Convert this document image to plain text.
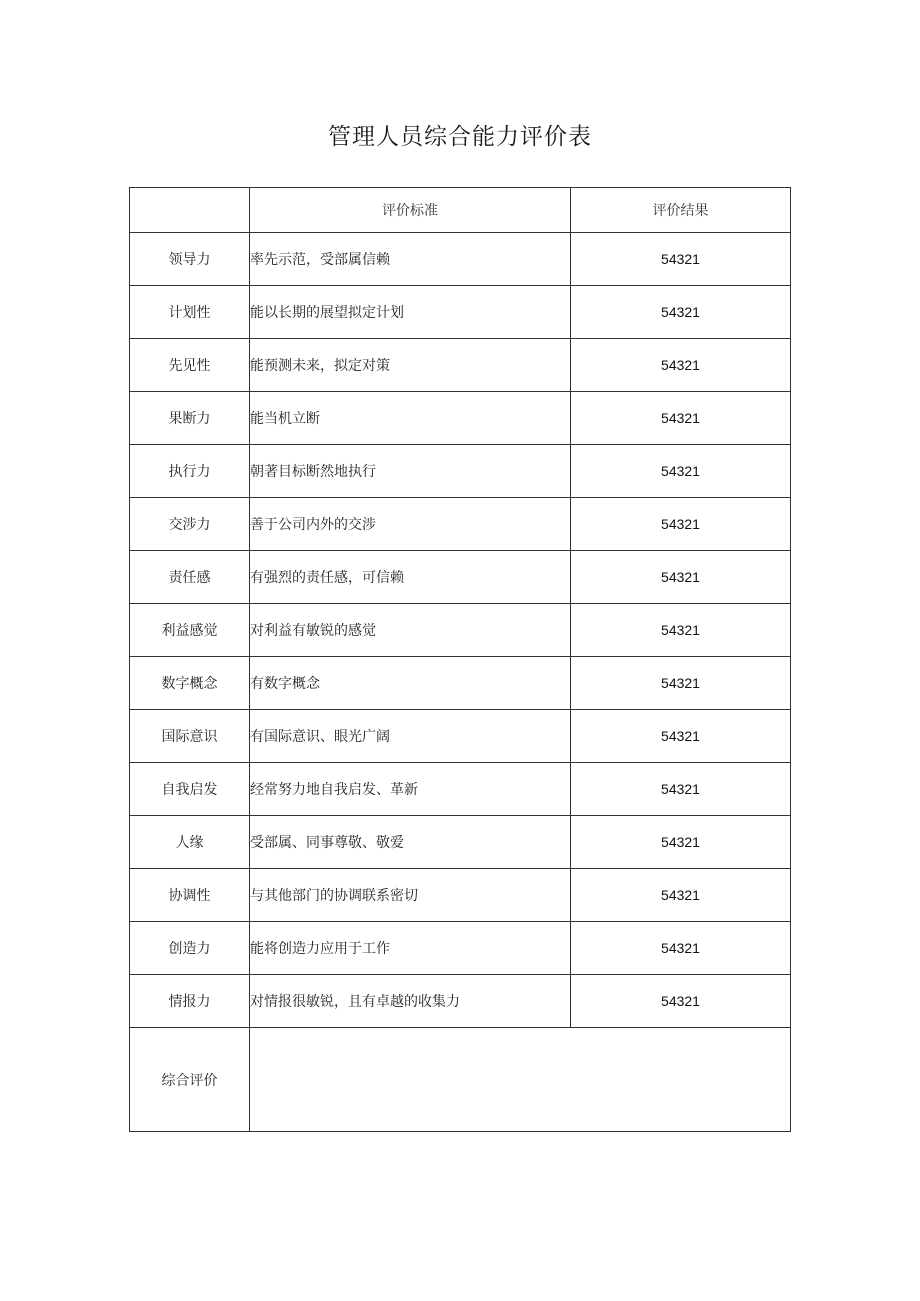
管理人员综合能力评价表
	评价标准	评价结果
领导力	率先示范，受部属信赖	54321
计划性	能以长期的展望拟定计划	54321
先见性	能预测未来，拟定对策	54321
果断力	能当机立断	54321
执行力	朝著目标断然地执行	54321
交涉力	善于公司内外的交涉	54321
责任感	有强烈的责任感，可信赖	54321
利益感觉	对利益有敏锐的感觉	54321
数字概念	有数字概念	54321
国际意识	有国际意识、眼光广阔	54321
自我启发	经常努力地自我启发、革新	54321
人缘	受部属、同事尊敬、敬爱	54321
协调性	与其他部门的协调联系密切	54321
创造力	能将创造力应用于工作	54321
情报力	对情报很敏锐，且有卓越的收集力	54321
综合评价		
